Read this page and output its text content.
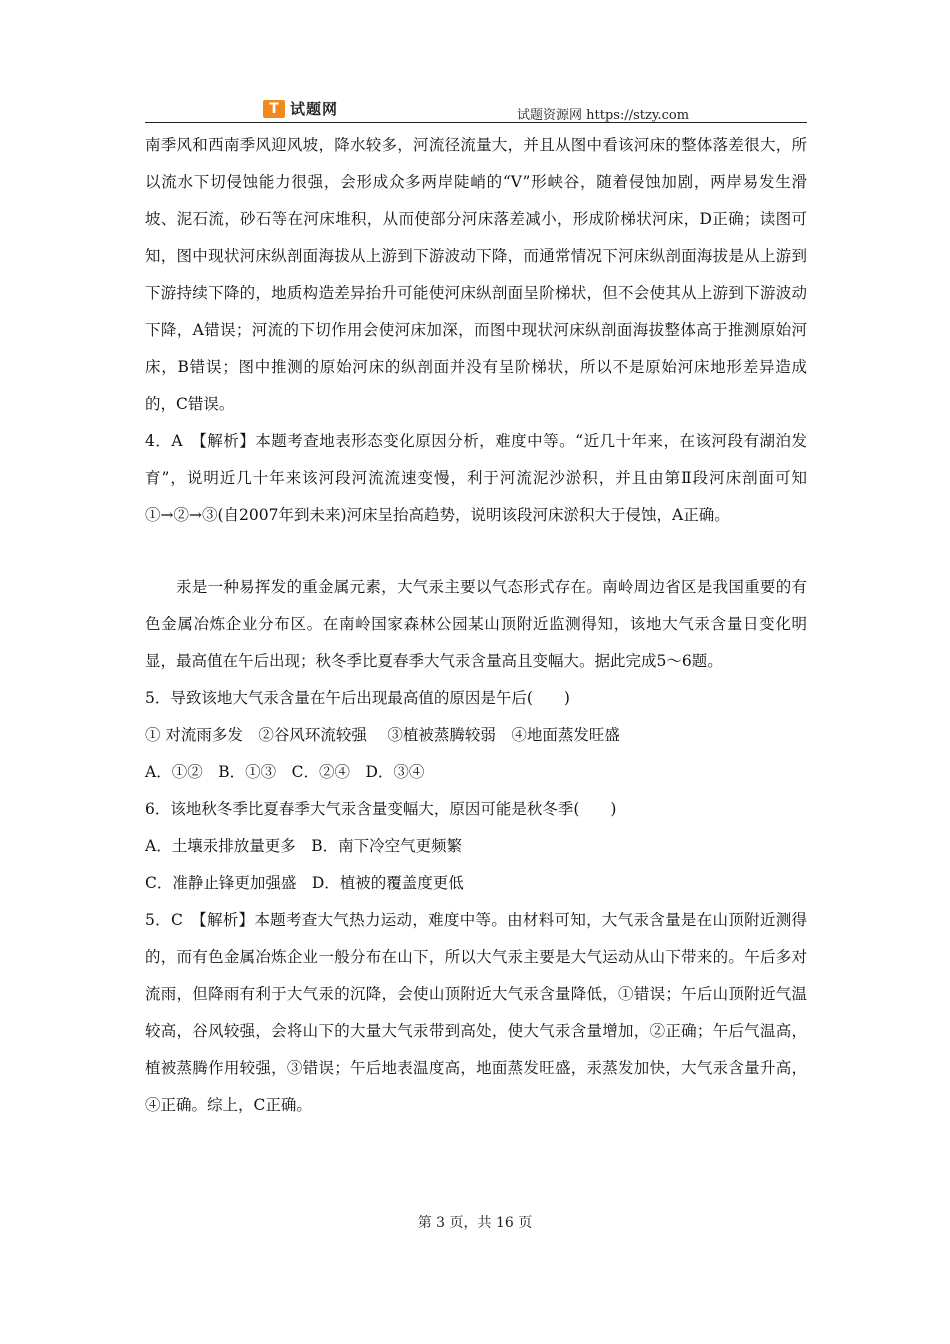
T 试题网	试题资源网 https://stzy.com

南季风和西南季风迎风坡，降水较多，河流径流量大，并且从图中看该河床的整体落差很大，所以流水下切侵蚀能力很强，会形成众多两岸陡峭的“V”形峡谷，随着侵蚀加剧，两岸易发生滑坡、泥石流，砂石等在河床堆积，从而使部分河床落差减小，形成阶梯状河床，D正确；读图可知，图中现状河床纵剖面海拔从上游到下游波动下降，而通常情况下河床纵剖面海拔是从上游到下游持续下降的，地质构造差异抬升可能使河床纵剖面呈阶梯状，但不会使其从上游到下游波动下降，A错误；河流的下切作用会使河床加深，而图中现状河床纵剖面海拔整体高于推测原始河床，B错误；图中推测的原始河床的纵剖面并没有呈阶梯状，所以不是原始河床地形差异造成的，C错误。

4．A　【解析】本题考查地表形态变化原因分析，难度中等。“近几十年来，在该河段有湖泊发育”，说明近几十年来该河段河流流速变慢，利于河流泥沙淤积，并且由第Ⅱ段河床剖面可知①→②→③(自2007年到未来)河床呈抬高趋势，说明该段河床淤积大于侵蚀，A正确。

汞是一种易挥发的重金属元素，大气汞主要以气态形式存在。南岭周边省区是我国重要的有色金属冶炼企业分布区。在南岭国家森林公园某山顶附近监测得知，该地大气汞含量日变化明显，最高值在午后出现；秋冬季比夏春季大气汞含量高且变幅大。据此完成5～6题。

5．导致该地大气汞含量在午后出现最高值的原因是午后(　　)

① 对流雨多发　②谷风环流较强　 ③植被蒸腾较弱　④地面蒸发旺盛

A．①②　B．①③　C．②④　D．③④

6．该地秋冬季比夏春季大气汞含量变幅大，原因可能是秋冬季(　　)

A．土壤汞排放量更多　B．南下冷空气更频繁

C．准静止锋更加强盛　D．植被的覆盖度更低

5．C　【解析】本题考查大气热力运动，难度中等。由材料可知，大气汞含量是在山顶附近测得的，而有色金属冶炼企业一般分布在山下，所以大气汞主要是大气运动从山下带来的。午后多对流雨，但降雨有利于大气汞的沉降，会使山顶附近大气汞含量降低，①错误；午后山顶附近气温较高，谷风较强，会将山下的大量大气汞带到高处，使大气汞含量增加，②正确；午后气温高，植被蒸腾作用较强，③错误；午后地表温度高，地面蒸发旺盛，汞蒸发加快，大气汞含量升高，④正确。综上，C正确。

第 3 页，共 16 页
